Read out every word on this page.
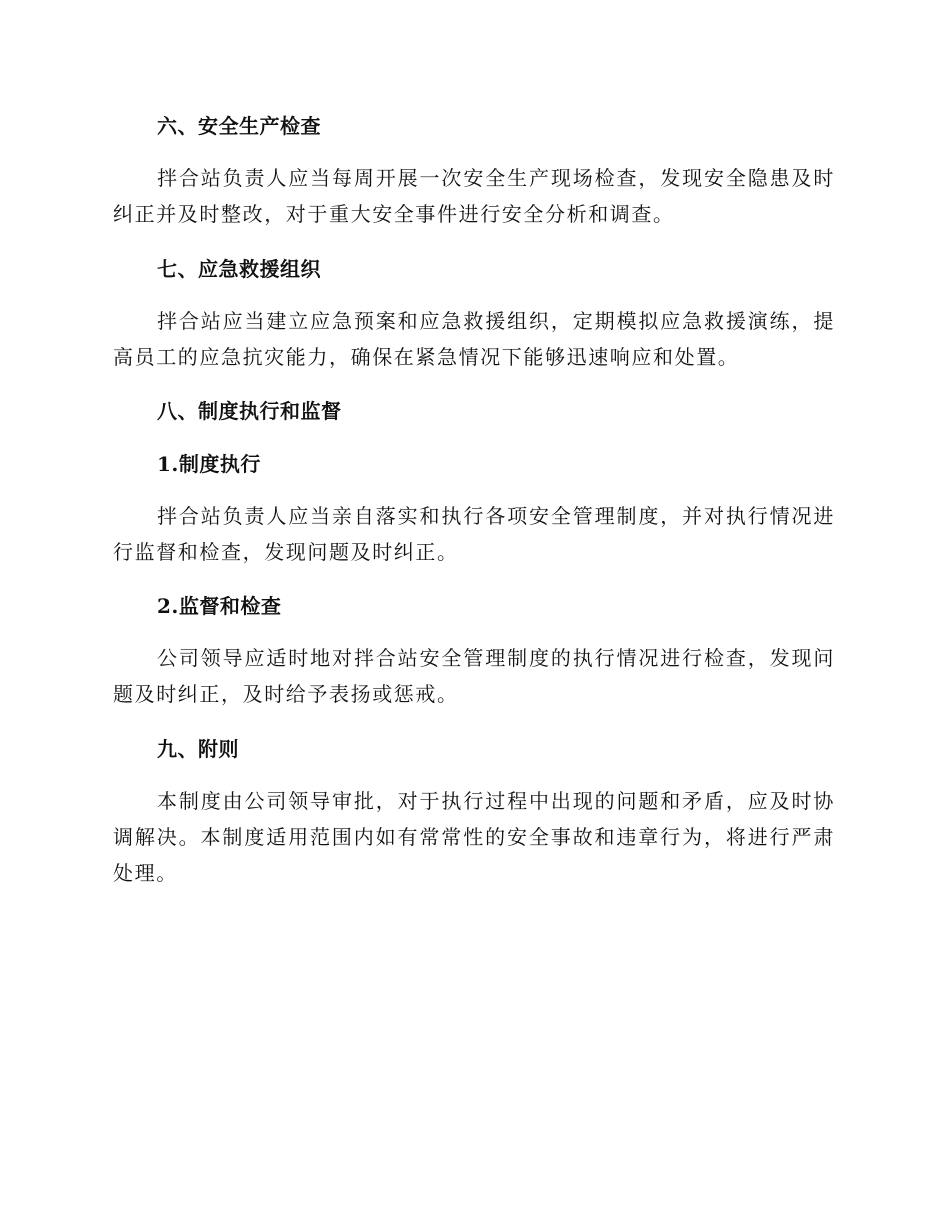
六、安全生产检查
拌合站负责人应当每周开展一次安全生产现场检查，发现安全隐患及时纠正并及时整改，对于重大安全事件进行安全分析和调查。
七、应急救援组织
拌合站应当建立应急预案和应急救援组织，定期模拟应急救援演练，提高员工的应急抗灾能力，确保在紧急情况下能够迅速响应和处置。
八、制度执行和监督
1.制度执行
拌合站负责人应当亲自落实和执行各项安全管理制度，并对执行情况进行监督和检查，发现问题及时纠正。
2.监督和检查
公司领导应适时地对拌合站安全管理制度的执行情况进行检查，发现问题及时纠正，及时给予表扬或惩戒。
九、附则
本制度由公司领导审批，对于执行过程中出现的问题和矛盾，应及时协调解决。本制度适用范围内如有常常性的安全事故和违章行为，将进行严肃处理。
